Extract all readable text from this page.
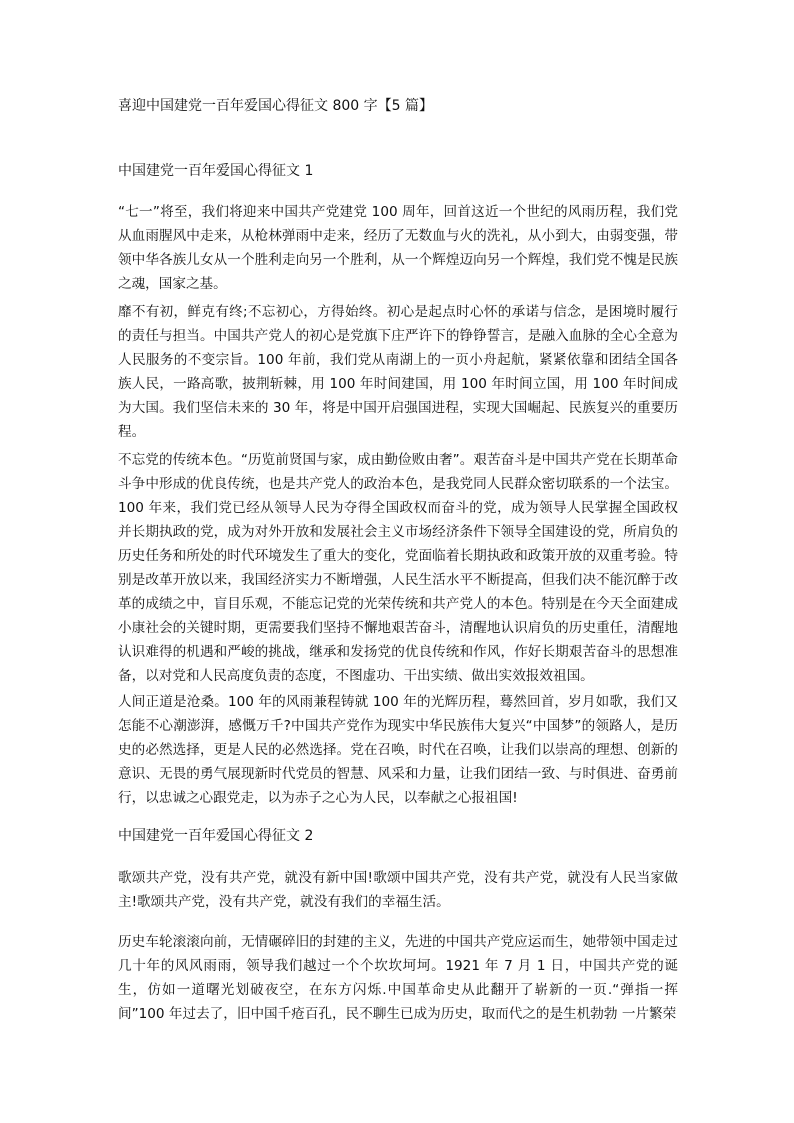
喜迎中国建党一百年爱国心得征文 800 字【5 篇】
中国建党一百年爱国心得征文 1

“七一”将至，我们将迎来中国共产党建党 100 周年，回首这近一个世纪的风雨历程，我们党从血雨腥风中走来，从枪林弹雨中走来，经历了无数血与火的洗礼，从小到大，由弱变强，带领中华各族儿女从一个胜利走向另一个胜利，从一个辉煌迈向另一个辉煌，我们党不愧是民族之魂，国家之基。

靡不有初，鲜克有终;不忘初心，方得始终。初心是起点时心怀的承诺与信念，是困境时履行的责任与担当。中国共产党人的初心是党旗下庄严许下的铮铮誓言，是融入血脉的全心全意为人民服务的不变宗旨。100 年前，我们党从南湖上的一页小舟起航，紧紧依靠和团结全国各族人民，一路高歌，披荆斩棘，用 100 年时间建国，用 100 年时间立国，用 100 年时间成为大国。我们坚信未来的 30 年，将是中国开启强国进程，实现大国崛起、民族复兴的重要历程。

不忘党的传统本色。“历览前贤国与家，成由勤俭败由奢”。艰苦奋斗是中国共产党在长期革命斗争中形成的优良传统，也是共产党人的政治本色，是我党同人民群众密切联系的一个法宝。100 年来，我们党已经从领导人民为夺得全国政权而奋斗的党，成为领导人民掌握全国政权并长期执政的党，成为对外开放和发展社会主义市场经济条件下领导全国建设的党，所肩负的历史任务和所处的时代环境发生了重大的变化，党面临着长期执政和政策开放的双重考验。特别是改革开放以来，我国经济实力不断增强，人民生活水平不断提高，但我们决不能沉醉于改革的成绩之中，盲目乐观，不能忘记党的光荣传统和共产党人的本色。特别是在今天全面建成小康社会的关键时期，更需要我们坚持不懈地艰苦奋斗，清醒地认识肩负的历史重任，清醒地认识难得的机遇和严峻的挑战，继承和发扬党的优良传统和作风，作好长期艰苦奋斗的思想准备，以对党和人民高度负责的态度，不图虚功、干出实绩、做出实效报效祖国。

人间正道是沧桑。100 年的风雨兼程铸就 100 年的光辉历程，蓦然回首，岁月如歌，我们又怎能不心潮澎湃，感慨万千?中国共产党作为现实中华民族伟大复兴“中国梦”的领路人，是历史的必然选择，更是人民的必然选择。党在召唤，时代在召唤，让我们以崇高的理想、创新的意识、无畏的勇气展现新时代党员的智慧、风采和力量，让我们团结一致、与时俱进、奋勇前行，以忠诚之心跟党走，以为赤子之心为人民，以奉献之心报祖国!

中国建党一百年爱国心得征文 2

歌颂共产党，没有共产党，就没有新中国!歌颂中国共产党，没有共产党，就没有人民当家做主!歌颂共产党，没有共产党，就没有我们的幸福生活。

历史车轮滚滚向前，无情碾碎旧的封建的主义，先进的中国共产党应运而生，她带领中国走过几十年的风风雨雨，领导我们越过一个个坎坎坷坷。1921 年 7 月 1 日，中国共产党的诞生，仿如一道曙光划破夜空，在东方闪烁.中国革命史从此翻开了崭新的一页.“弹指一挥间”100 年过去了，旧中国千疮百孔，民不聊生已成为历史，取而代之的是生机勃勃 一片繁荣
